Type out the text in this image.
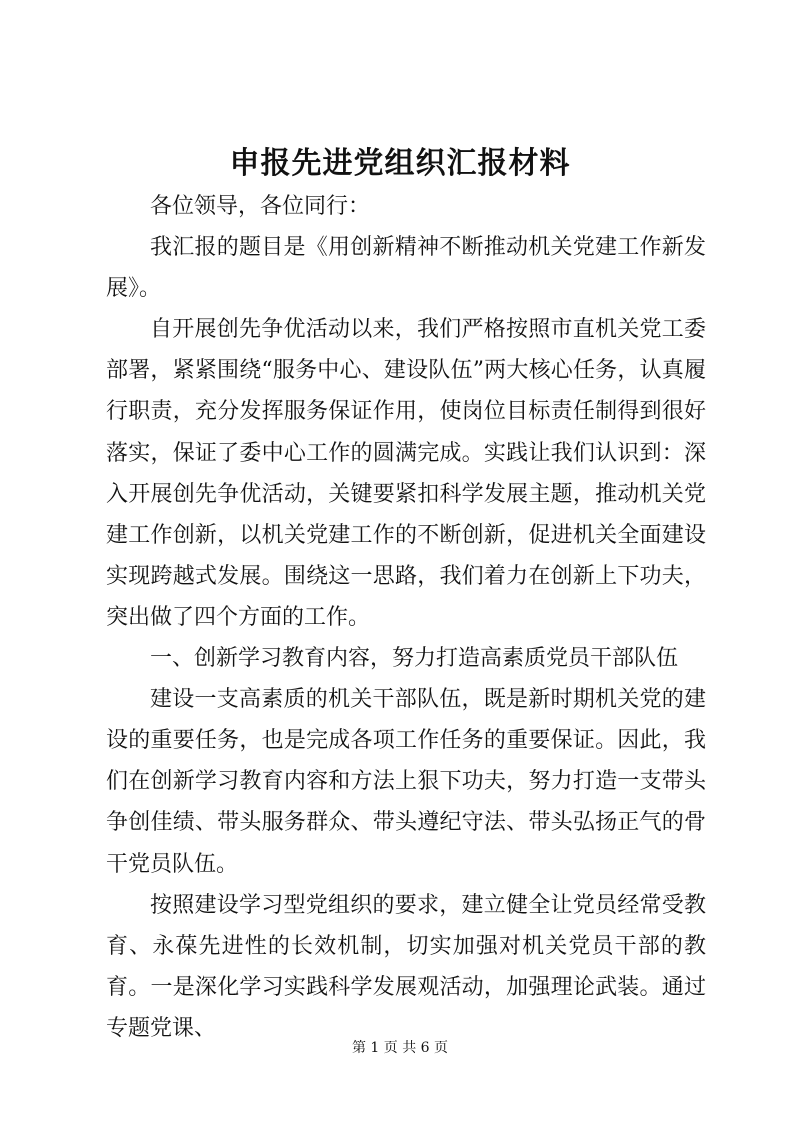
申报先进党组织汇报材料

各位领导，各位同行：

我汇报的题目是《用创新精神不断推动机关党建工作新发展》。

自开展创先争优活动以来，我们严格按照市直机关党工委部署，紧紧围绕“服务中心、建设队伍”两大核心任务，认真履行职责，充分发挥服务保证作用，使岗位目标责任制得到很好落实，保证了委中心工作的圆满完成。实践让我们认识到：深入开展创先争优活动，关键要紧扣科学发展主题，推动机关党建工作创新，以机关党建工作的不断创新，促进机关全面建设实现跨越式发展。围绕这一思路，我们着力在创新上下功夫，突出做了四个方面的工作。

一、创新学习教育内容，努力打造高素质党员干部队伍

建设一支高素质的机关干部队伍，既是新时期机关党的建设的重要任务，也是完成各项工作任务的重要保证。因此，我们在创新学习教育内容和方法上狠下功夫，努力打造一支带头争创佳绩、带头服务群众、带头遵纪守法、带头弘扬正气的骨干党员队伍。

按照建设学习型党组织的要求，建立健全让党员经常受教育、永葆先进性的长效机制，切实加强对机关党员干部的教育。一是深化学习实践科学发展观活动，加强理论武装。通过专题党课、

第 1 页 共 6 页
